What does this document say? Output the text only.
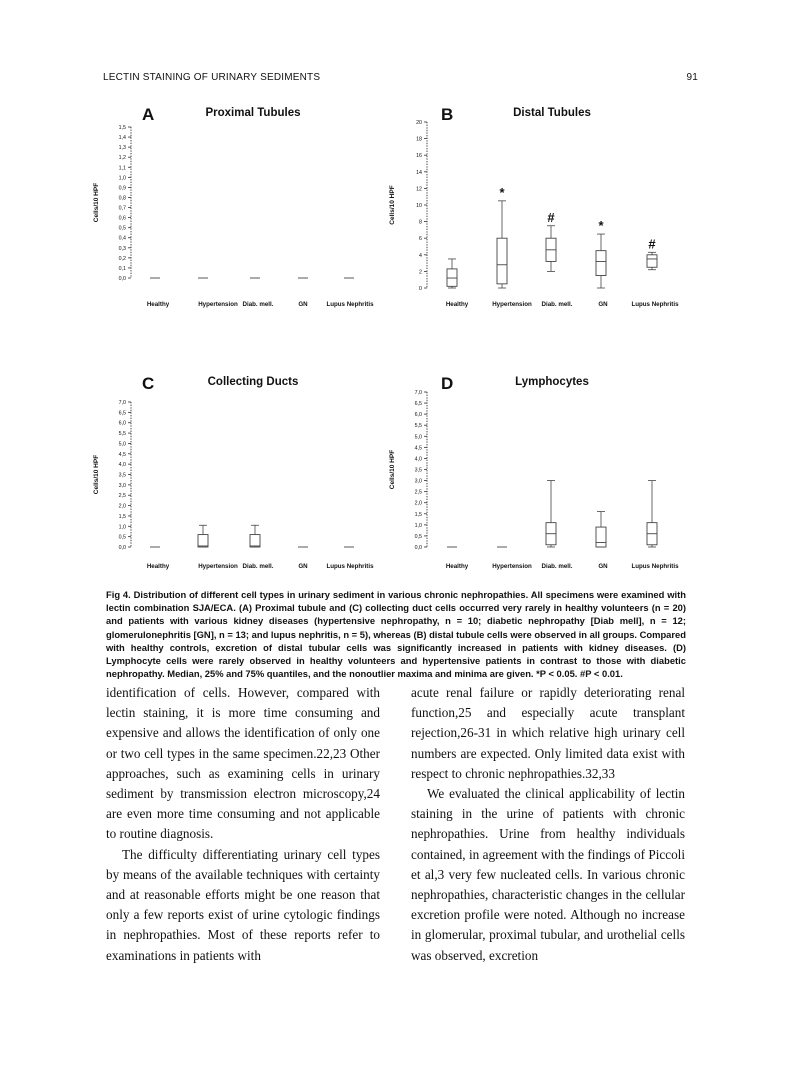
LECTIN STAINING OF URINARY SEDIMENTS	91
A	Proximal Tubules
0,0
0,1
0,2
0,3
0,4
0,5
0,6
0,7
0,8
0,9
1,0
1,1
1,2
1,3
1,4
1,5
Cells/10 HPF
Healthy	Hypertension Diab. mell.	GN	Lupus Nephritis
B	Distal Tubules
0
2
4
6
8
10
12
14
16
18
20
Cells/10 HPF
Healthy	Hypertension Diab. mell.	GN	Lupus Nephritis
*
#
*
#
C	Collecting Ducts
0,0
0,5
1,0
1,5
2,0
2,5
3,0
3,5
4,0
4,5
5,0
5,5
6,0
6,5
7,0
Cells/10 HPF
Healthy	Hypertension Diab. mell.	GN	Lupus Nephritis
D	Lymphocytes
0,0
0,5
1,0
1,5
2,0
2,5
3,0
3,5
4,0
4,5
5,0
5,5
6,0
6,5
7,0
Cells/10 HPF
Healthy	Hypertension Diab. mell.	GN	Lupus Nephritis
Fig 4. Distribution of different cell types in urinary sediment in various chronic nephropathies. All specimens were examined with lectin combination SJA/ECA. (A) Proximal tubule and (C) collecting duct cells occurred very rarely in healthy volunteers (n = 20) and patients with various kidney diseases (hypertensive nephropathy, n = 10; diabetic nephropathy [Diab mell], n = 12; glomerulonephritis [GN], n = 13; and lupus nephritis, n = 5), whereas (B) distal tubule cells were observed in all groups. Compared with healthy controls, excretion of distal tubular cells was significantly increased in patients with kidney diseases. (D) Lymphocyte cells were rarely observed in healthy volunteers and hypertensive patients in contrast to those with diabetic nephropathy. Median, 25% and 75% quantiles, and the nonoutlier maxima and minima are given. *P < 0.05. #P < 0.01.

identification of cells. However, compared with lectin staining, it is more time consuming and expensive and allows the identification of only one or two cell types in the same specimen.22,23 Other approaches, such as examining cells in urinary sediment by transmission electron microscopy,24 are even more time consuming and not applicable to routine diagnosis.

The difficulty differentiating urinary cell types by means of the available techniques with certainty and at reasonable efforts might be one reason that only a few reports exist of urine cytologic findings in nephropathies. Most of these reports refer to examinations in patients with

acute renal failure or rapidly deteriorating renal function,25 and especially acute transplant rejection,26-31 in which relative high urinary cell numbers are expected. Only limited data exist with respect to chronic nephropathies.32,33

We evaluated the clinical applicability of lectin staining in the urine of patients with chronic nephropathies. Urine from healthy individuals contained, in agreement with the findings of Piccoli et al,3 very few nucleated cells. In various chronic nephropathies, characteristic changes in the cellular excretion profile were noted. Although no increase in glomerular, proximal tubular, and urothelial cells was observed, excretion
